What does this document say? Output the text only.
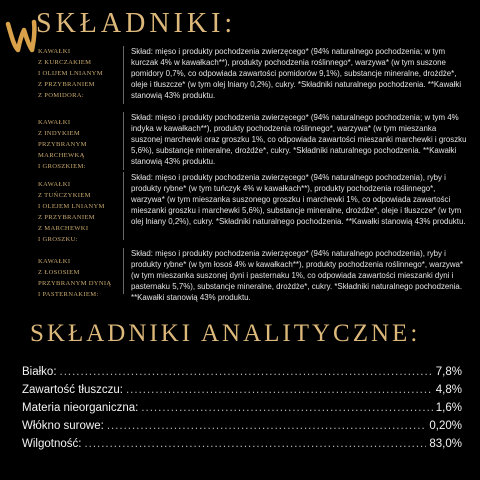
SKŁADNIKI:
KAWAŁKI
Z KURCZAKIEM
I OLIJEM LNIANYM
Z PRZYBRANIEM
Z POMIDORA:
Skład: mięso i produkty pochodzenia zwierzęcego* (94% naturalnego pochodzenia; w tym kurczak 4% w kawałkach**), produkty pochodzenia roślinnego*, warzywa* (w tym suszone pomidory 0,7%, co odpowiada zawartości pomidorów 9,1%), substancje mineralne, drożdże*, oleje i tłuszcze* (w tym olej lniany 0,2%), cukry. *Składniki naturalnego pochodzenia. **Kawałki stanowią 43% produktu.
KAWAŁKI
Z INDYKIEM
PRZYBRANYM
MARCHEWKĄ
I GROSZKIEM:
Skład: mięso i produkty pochodzenia zwierzęcego* (94% naturalnego pochodzenia; w tym 4% indyka w kawałkach**), produkty pochodzenia roślinnego*, warzywa* (w tym mieszanka suszonej marchewki oraz groszku 1%, co odpowiada zawartości mieszanki marchewki i groszku 5,6%), substancje mineralne, drożdże*, cukry. *Składniki naturalnego pochodzenia. **Kawałki stanowią 43% produktu.
KAWAŁKI
Z TUŃCZYKIEM
I OLEJEM LNIANYM
Z PRZYBRANIEM
Z MARCHEWKI
I GROSZKU:
Skład: mięso i produkty pochodzenia zwierzęcego* (94% naturalnego pochodzenia), ryby i produkty rybne* (w tym tuńczyk 4% w kawałkach**), produkty pochodzenia roślinnego*, warzywa* (w tym mieszanka suszonego groszku i marchewki 1%, co odpowiada zawartości mieszanki groszku i marchewki 5,6%), substancje mineralne, drożdże*, oleje i tłuszcze* (w tym olej lniany 0,2%), cukry. *Składniki naturalnego pochodzenia. **Kawałki stanowią 43% produktu.
KAWAŁKI
Z ŁOSOSIEM
PRZYBRANYM DYNIĄ
I PASTERNAKIEM:
Skład: mięso i produkty pochodzenia zwierzęcego* (94% naturalnego pochodzenia), ryby i produkty rybne* (w tym łosoś 4% w kawałkach**), produkty pochodzenia roślinnego*, warzywa* (w tym mieszanka suszonej dyni i pasternaku 1%, co odpowiada zawartości mieszanki dyni i pasternaku 5,7%), substancje mineralne, drożdże*, cukry. *Składniki naturalnego pochodzenia. **Kawałki stanowią 43% produktu.
SKŁADNIKI ANALITYCZNE:
Białko: .....	7,8%
Zawartość tłuszczu: .....	4,8%
Materia nieorganiczna: .....	1,6%
Włókno surowe: .....	0,20%
Wilgotność: .....	83,0%
